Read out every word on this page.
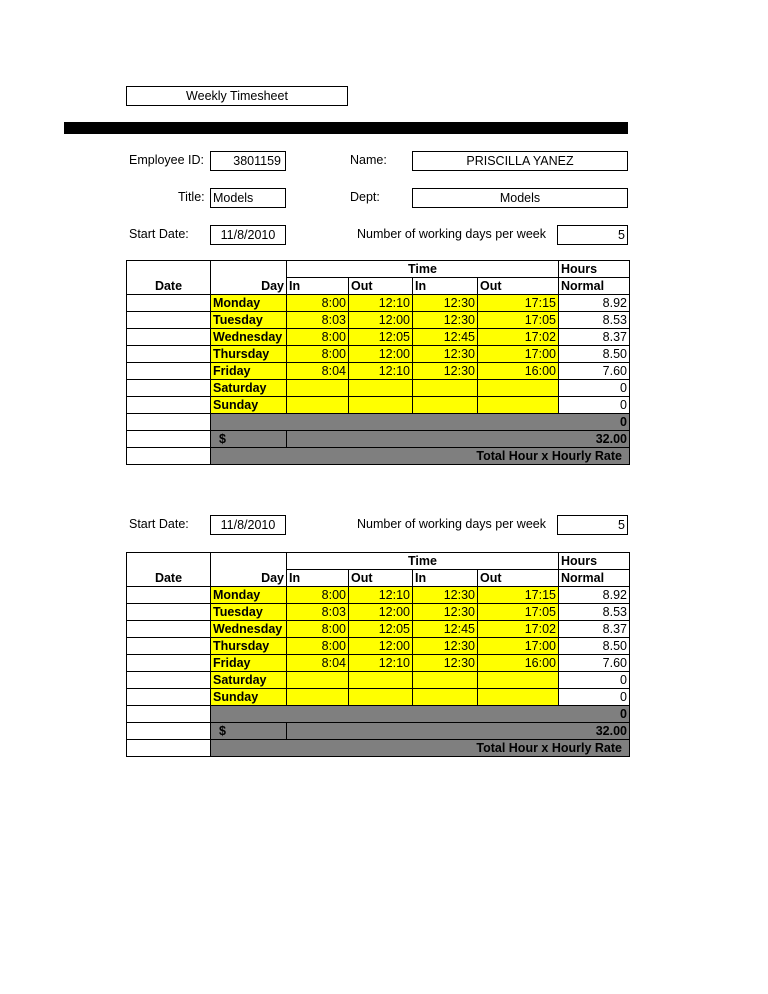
Weekly Timesheet
Employee ID:	3801159	Name:	PRISCILLA YANEZ
Title: Models	Dept:	Models
Start Date:	11/8/2010	Number of working days per week	5
		Time				Hours
Date	Day	In	Out	In	Out	Normal
	Monday	8:00	12:10	12:30	17:15	8.92
	Tuesday	8:03	12:00	12:30	17:05	8.53
	Wednesday	8:00	12:05	12:45	17:02	8.37
	Thursday	8:00	12:00	12:30	17:00	8.50
	Friday	8:04	12:10	12:30	16:00	7.60
	Saturday					0
	Sunday					0
	0					
	$	32.00				
	Total Hour x Hourly Rate					
Start Date:	11/8/2010	Number of working days per week	5
		Time				Hours
Date	Day	In	Out	In	Out	Normal
	Monday	8:00	12:10	12:30	17:15	8.92
	Tuesday	8:03	12:00	12:30	17:05	8.53
	Wednesday	8:00	12:05	12:45	17:02	8.37
	Thursday	8:00	12:00	12:30	17:00	8.50
	Friday	8:04	12:10	12:30	16:00	7.60
	Saturday					0
	Sunday					0
	0					
	$	32.00				
	Total Hour x Hourly Rate					
